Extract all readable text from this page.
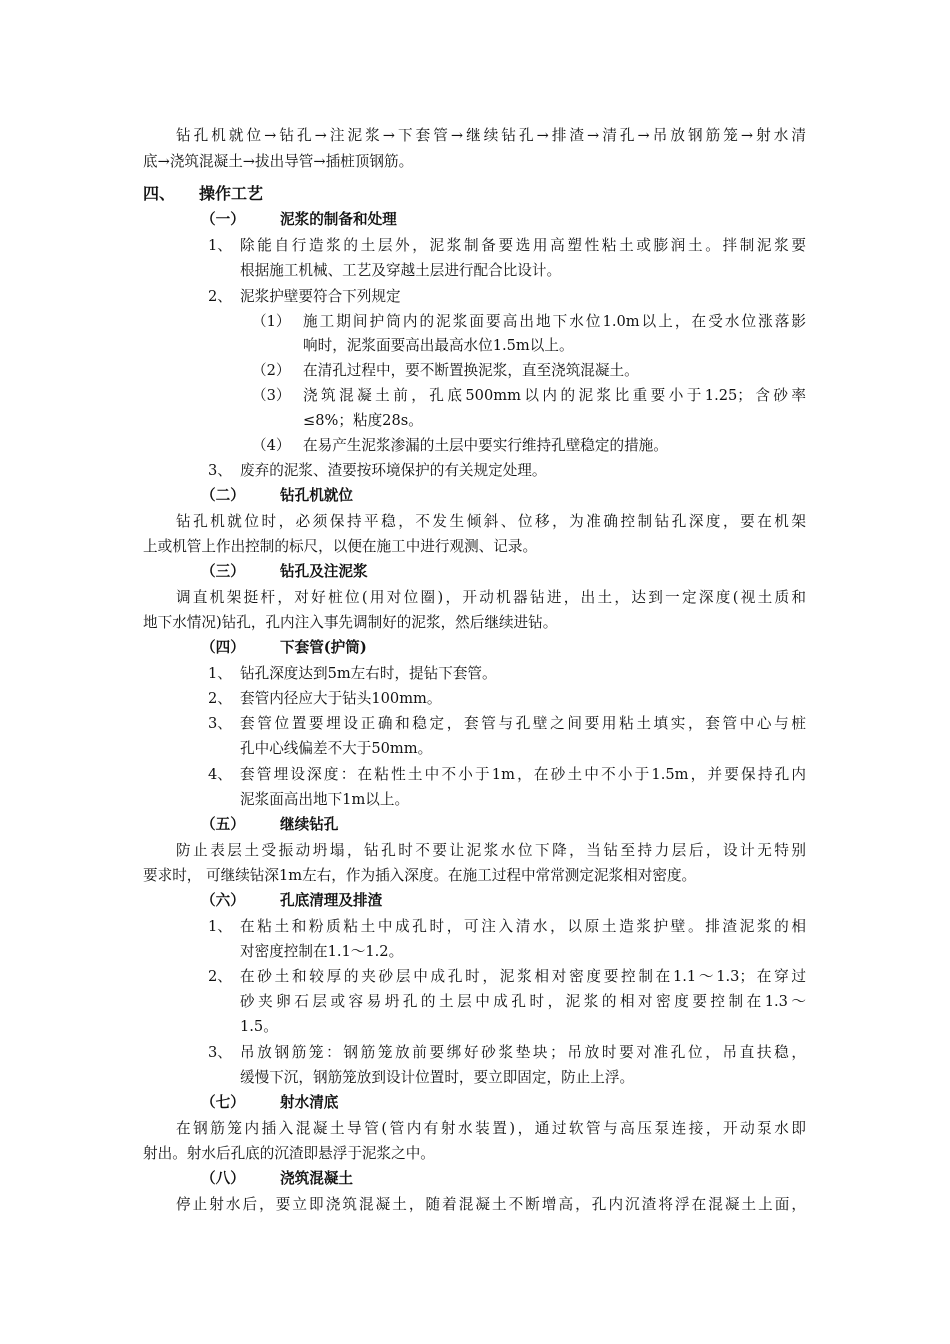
钻孔机就位→钻孔→注泥浆→下套管→继续钻孔→排渣→清孔→吊放钢筋笼→射水清
底→浇筑混凝土→拔出导管→插桩顶钢筋。
四、 操作工艺
（一） 泥浆的制备和处理
1、 除能自行造浆的土层外，泥浆制备要选用高塑性粘土或膨润土。拌制泥浆要
根据施工机械、工艺及穿越土层进行配合比设计。
2、 泥浆护壁要符合下列规定
（1） 施工期间护筒内的泥浆面要高出地下水位1.0m以上，在受水位涨落影
响时，泥浆面要高出最高水位1.5m以上。
（2） 在清孔过程中，要不断置换泥浆，直至浇筑混凝土。
（3） 浇筑混凝土前，孔底500mm以内的泥浆比重要小于1.25；含砂率
≤8%；粘度28s。
（4） 在易产生泥浆渗漏的土层中要实行维持孔壁稳定的措施。
3、 废弃的泥浆、渣要按环境保护的有关规定处理。
（二） 钻孔机就位
钻孔机就位时，必须保持平稳，不发生倾斜、位移，为准确控制钻孔深度，要在机架
上或机管上作出控制的标尺，以便在施工中进行观测、记录。
（三） 钻孔及注泥浆
调直机架挺杆，对好桩位(用对位圈)，开动机器钻进，出土，达到一定深度(视土质和
地下水情况)钻孔，孔内注入事先调制好的泥浆，然后继续进钻。
（四） 下套管(护筒)
1、 钻孔深度达到5m左右时，提钻下套管。
2、 套管内径应大于钻头100mm。
3、 套管位置要埋设正确和稳定，套管与孔壁之间要用粘土填实，套管中心与桩
孔中心线偏差不大于50mm。
4、 套管埋设深度：在粘性土中不小于1m，在砂土中不小于1.5m，并要保持孔内
泥浆面高出地下1m以上。
（五） 继续钻孔
防止表层土受振动坍塌，钻孔时不要让泥浆水位下降，当钻至持力层后，设计无特别
要求时， 可继续钻深1m左右，作为插入深度。在施工过程中常常测定泥浆相对密度。
（六） 孔底清理及排渣
1、 在粘土和粉质粘土中成孔时，可注入清水，以原土造浆护壁。排渣泥浆的相
对密度控制在1.1～1.2。
2、 在砂土和较厚的夹砂层中成孔时，泥浆相对密度要控制在1.1～1.3；在穿过
砂夹卵石层或容易坍孔的土层中成孔时，泥浆的相对密度要控制在1.3～
1.5。
3、 吊放钢筋笼：钢筋笼放前要绑好砂浆垫块；吊放时要对准孔位，吊直扶稳，
缓慢下沉，钢筋笼放到设计位置时，要立即固定，防止上浮。
（七） 射水清底
在钢筋笼内插入混凝土导管(管内有射水装置)，通过软管与高压泵连接，开动泵水即
射出。射水后孔底的沉渣即悬浮于泥浆之中。
（八） 浇筑混凝土
停止射水后，要立即浇筑混凝土，随着混凝土不断增高，孔内沉渣将浮在混凝土上面，
